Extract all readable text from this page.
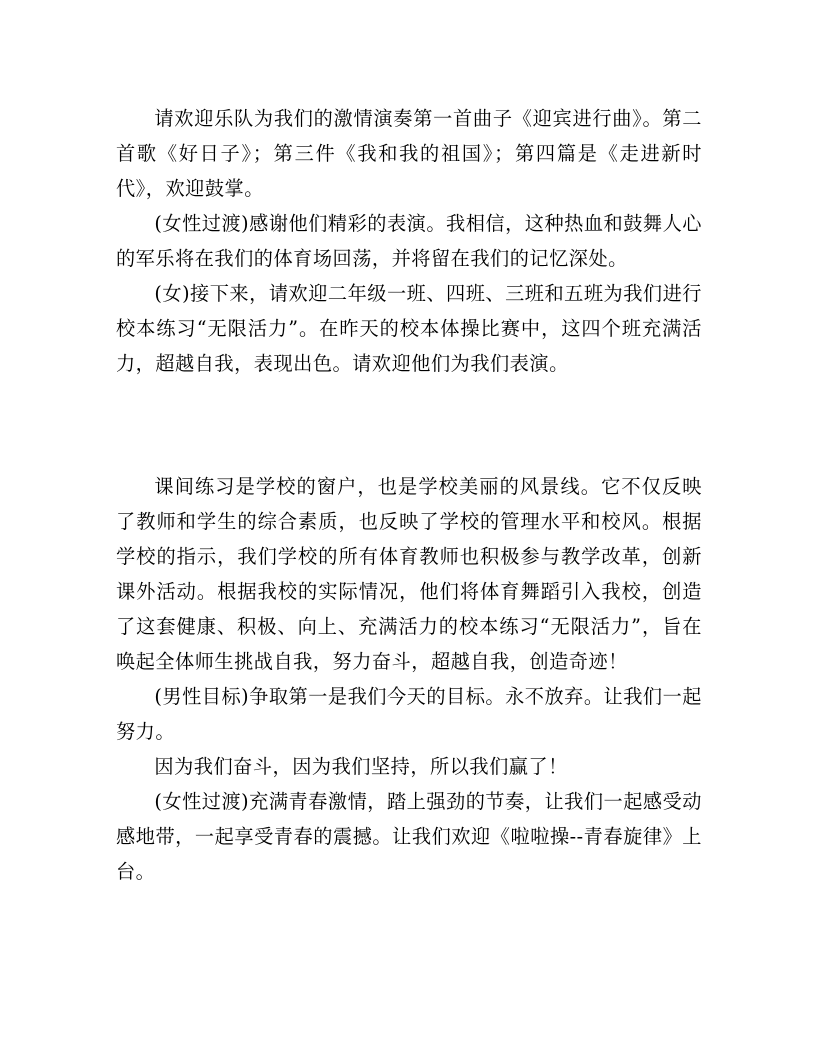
请欢迎乐队为我们的激情演奏第一首曲子《迎宾进行曲》。第二首歌《好日子》；第三件《我和我的祖国》；第四篇是《走进新时代》，欢迎鼓掌。

(女性过渡)感谢他们精彩的表演。我相信，这种热血和鼓舞人心的军乐将在我们的体育场回荡，并将留在我们的记忆深处。

(女)接下来，请欢迎二年级一班、四班、三班和五班为我们进行校本练习“无限活力”。在昨天的校本体操比赛中，这四个班充满活力，超越自我，表现出色。请欢迎他们为我们表演。

课间练习是学校的窗户，也是学校美丽的风景线。它不仅反映了教师和学生的综合素质，也反映了学校的管理水平和校风。根据学校的指示，我们学校的所有体育教师也积极参与教学改革，创新课外活动。根据我校的实际情况，他们将体育舞蹈引入我校，创造了这套健康、积极、向上、充满活力的校本练习“无限活力”，旨在唤起全体师生挑战自我，努力奋斗，超越自我，创造奇迹！

(男性目标)争取第一是我们今天的目标。永不放弃。让我们一起努力。

因为我们奋斗，因为我们坚持，所以我们赢了！

(女性过渡)充满青春激情，踏上强劲的节奏，让我们一起感受动感地带，一起享受青春的震撼。让我们欢迎《啦啦操--青春旋律》上台。
